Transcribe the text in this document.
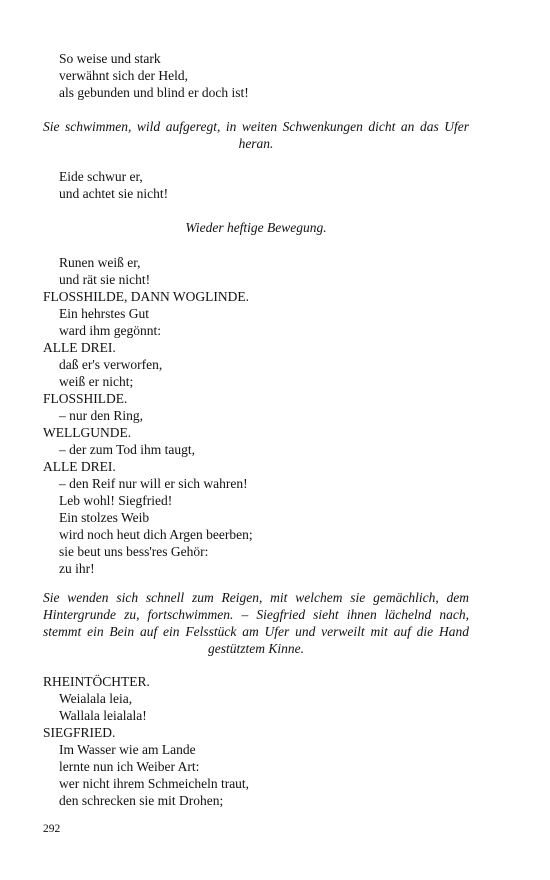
So weise und stark
verwähnt sich der Held,
als gebunden und blind er doch ist!
Sie schwimmen, wild aufgeregt, in weiten Schwenkungen dicht an das Ufer heran.
Eide schwur er,
und achtet sie nicht!
Wieder heftige Bewegung.
Runen weiß er,
und rät sie nicht!
FLOSSHILDE, DANN WOGLINDE.
Ein hehrstes Gut
ward ihm gegönnt:
ALLE DREI.
daß er's verworfen,
weiß er nicht;
FLOSSHILDE.
– nur den Ring,
WELLGUNDE.
– der zum Tod ihm taugt,
ALLE DREI.
– den Reif nur will er sich wahren!
Leb wohl! Siegfried!
Ein stolzes Weib
wird noch heut dich Argen beerben;
sie beut uns bess'res Gehör:
zu ihr!
Sie wenden sich schnell zum Reigen, mit welchem sie gemächlich, dem Hintergrunde zu, fortschwimmen. – Siegfried sieht ihnen lächelnd nach, stemmt ein Bein auf ein Felsstück am Ufer und verweilt mit auf die Hand gestütztem Kinne.
RHEINTÖCHTER.
Weialala leia,
Wallala leialala!
SIEGFRIED.
Im Wasser wie am Lande
lernte nun ich Weiber Art:
wer nicht ihrem Schmeicheln traut,
den schrecken sie mit Drohen;
292
